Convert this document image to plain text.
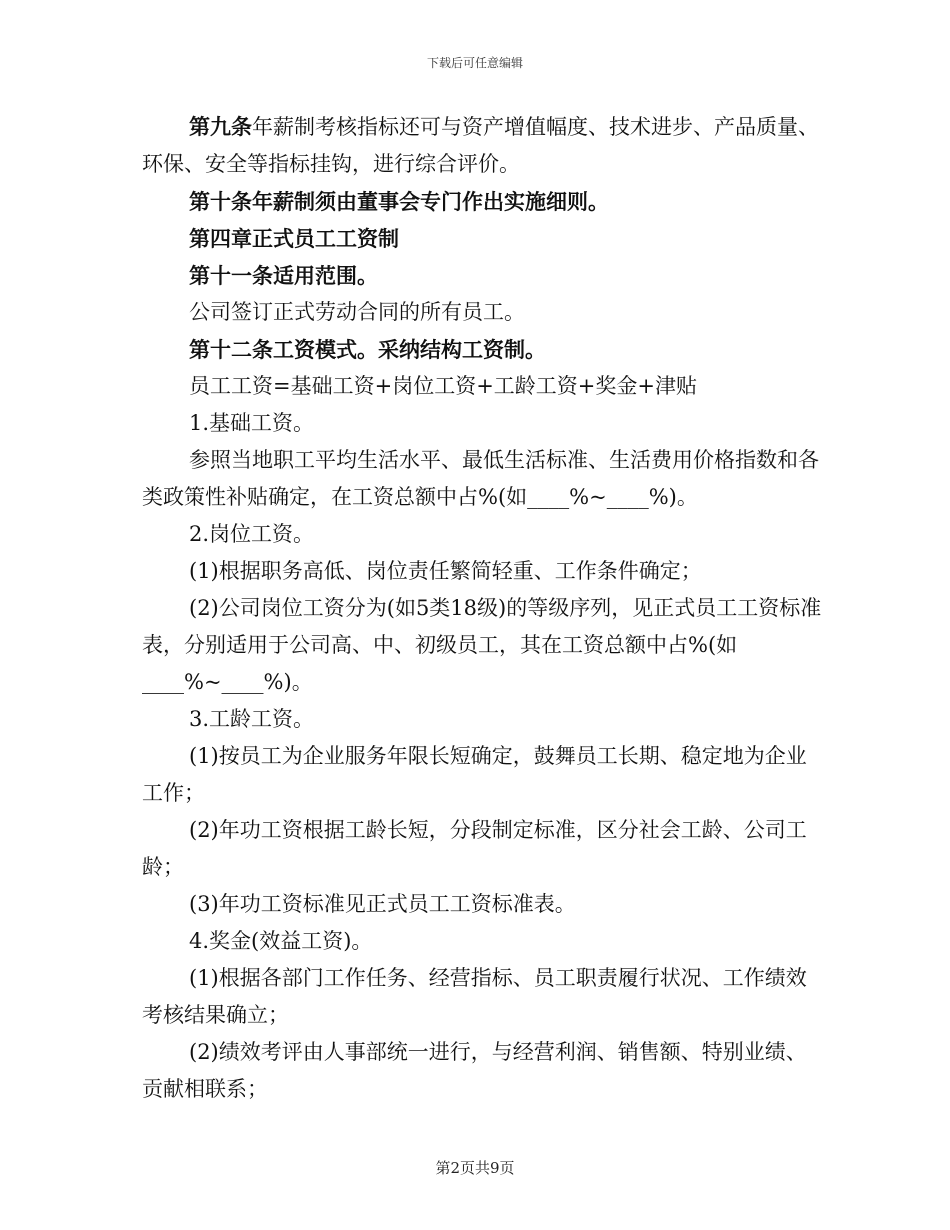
下载后可任意编辑

第九条年薪制考核指标还可与资产增值幅度、技术进步、产品质量、环保、安全等指标挂钩，进行综合评价。

第十条年薪制须由董事会专门作出实施细则。

第四章正式员工工资制

第十一条适用范围。

公司签订正式劳动合同的所有员工。

第十二条工资模式。采纳结构工资制。

员工工资=基础工资+岗位工资+工龄工资+奖金+津贴

1.基础工资。

参照当地职工平均生活水平、最低生活标准、生活费用价格指数和各类政策性补贴确定，在工资总额中占%(如____%~____%)。

2.岗位工资。

(1)根据职务高低、岗位责任繁简轻重、工作条件确定；

(2)公司岗位工资分为(如5类18级)的等级序列，见正式员工工资标准表，分别适用于公司高、中、初级员工，其在工资总额中占%(如____%~____%)。

3.工龄工资。

(1)按员工为企业服务年限长短确定，鼓舞员工长期、稳定地为企业工作；

(2)年功工资根据工龄长短，分段制定标准，区分社会工龄、公司工龄；

(3)年功工资标准见正式员工工资标准表。

4.奖金(效益工资)。

(1)根据各部门工作任务、经营指标、员工职责履行状况、工作绩效考核结果确立；

(2)绩效考评由人事部统一进行，与经营利润、销售额、特别业绩、贡献相联系；

第2页共9页
